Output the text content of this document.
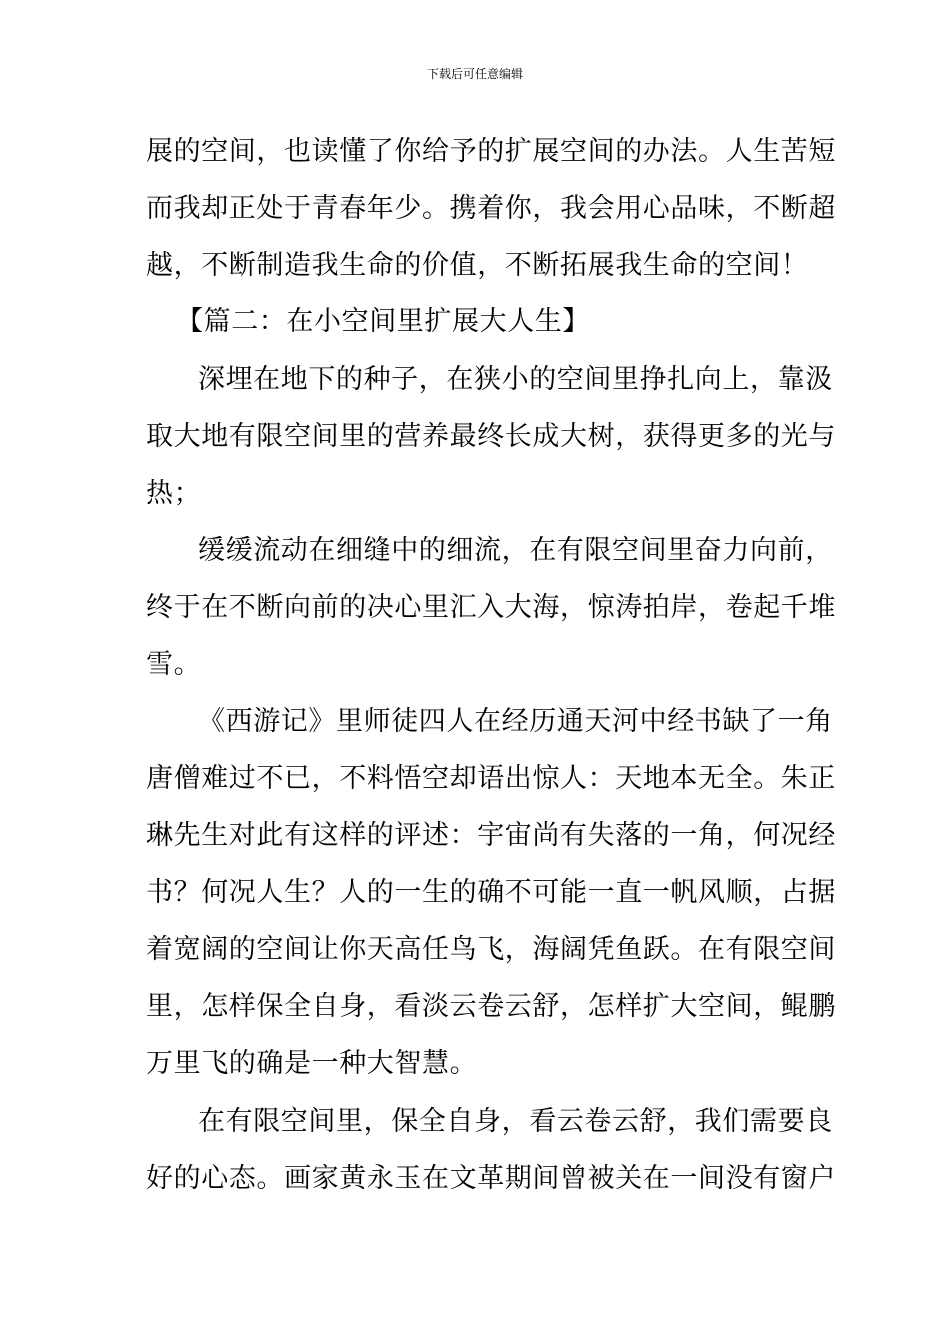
下载后可任意编辑
展的空间，也读懂了你给予的扩展空间的办法。人生苦短
而我却正处于青春年少。携着你，我会用心品味，不断超
越，不断制造我生命的价值，不断拓展我生命的空间！
【篇二：在小空间里扩展大人生】
深埋在地下的种子，在狭小的空间里挣扎向上，靠汲
取大地有限空间里的营养最终长成大树，获得更多的光与
热；
缓缓流动在细缝中的细流，在有限空间里奋力向前，
终于在不断向前的决心里汇入大海，惊涛拍岸，卷起千堆
雪。
《西游记》里师徒四人在经历通天河中经书缺了一角
唐僧难过不已，不料悟空却语出惊人：天地本无全。朱正
琳先生对此有这样的评述：宇宙尚有失落的一角，何况经
书？何况人生？人的一生的确不可能一直一帆风顺，占据
着宽阔的空间让你天高任鸟飞，海阔凭鱼跃。在有限空间
里，怎样保全自身，看淡云卷云舒，怎样扩大空间，鲲鹏
万里飞的确是一种大智慧。
在有限空间里，保全自身，看云卷云舒，我们需要良
好的心态。画家黄永玉在文革期间曾被关在一间没有窗户
